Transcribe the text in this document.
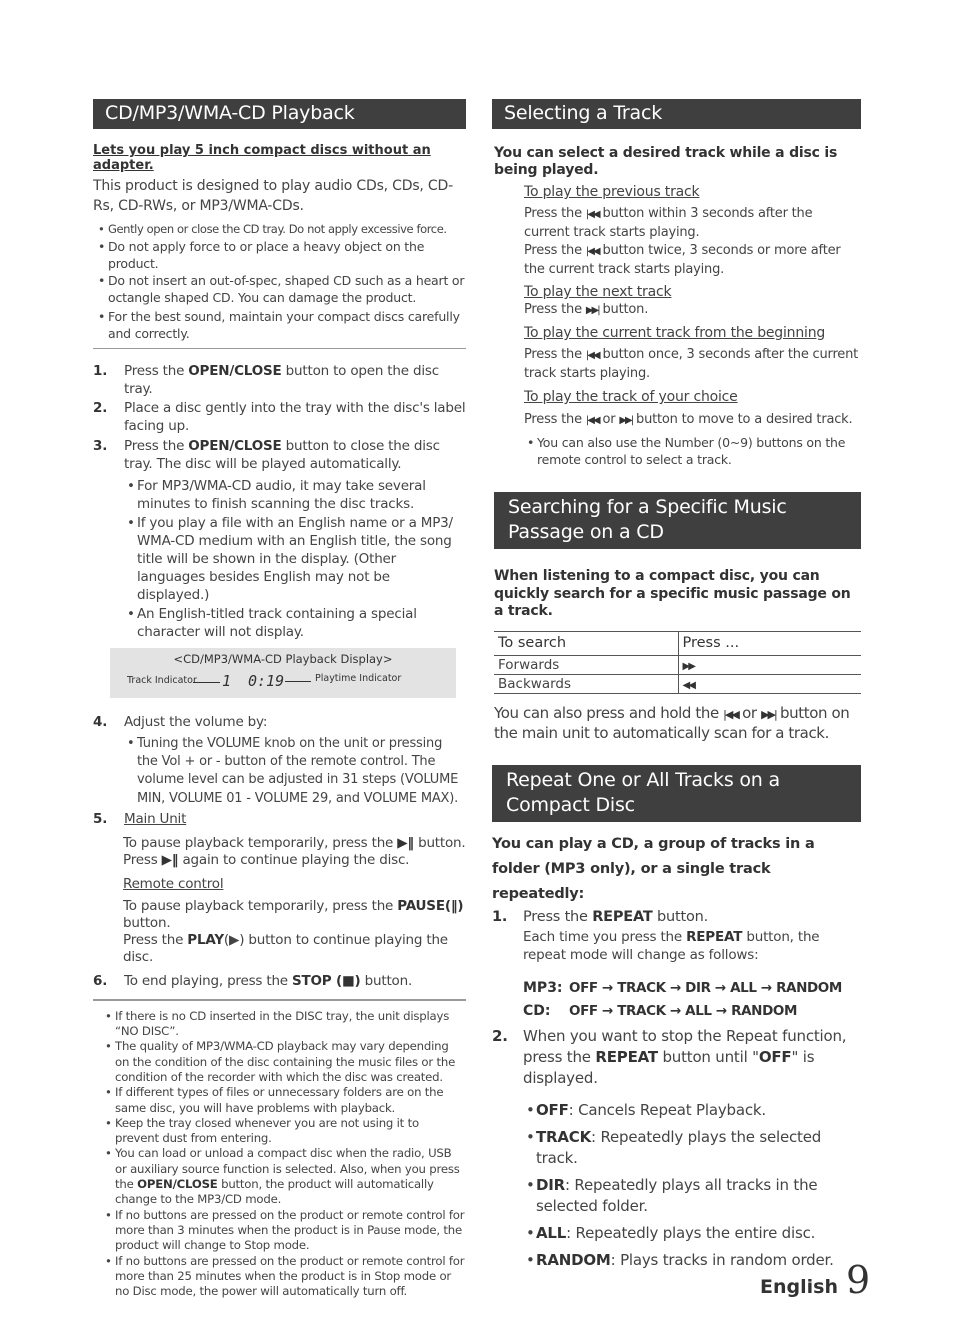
CD/MP3/WMA-CD Playback
Lets you play 5 inch compact discs without an adapter.

This product is designed to play audio CDs, CDs, CD-Rs, CD-RWs, or MP3/WMA-CDs.

• Gently open or close the CD tray. Do not apply excessive force.
• Do not apply force to or place a heavy object on the product.
• Do not insert an out-of-spec, shaped CD such as a heart or octangle shaped CD. You can damage the product.
• For the best sound, maintain your compact discs carefully and correctly.
1. Press the OPEN/CLOSE button to open the disc tray.
2. Place a disc gently into the tray with the disc's label facing up.
3. Press the OPEN/CLOSE button to close the disc tray. The disc will be played automatically.
• For MP3/WMA-CD audio, it may take several minutes to finish scanning the disc tracks.
• If you play a file with an English name or a MP3/ WMA-CD medium with an English title, the song title will be shown in the display. (Other languages besides English may not be displayed.)
• An English-titled track containing a special character will not display.
<CD/MP3/WMA-CD Playback Display>
Track Indicator 1 0:19	Playtime Indicator
4. Adjust the volume by:
• Tuning the VOLUME knob on the unit or pressing the Vol + or - button of the remote control. The volume level can be adjusted in 31 steps (VOLUME MIN, VOLUME 01 - VOLUME 29, and VOLUME MAX).
5. Main Unit
To pause playback temporarily, press the ▶‖ button. Press ▶‖ again to continue playing the disc.
Remote control
To pause playback temporarily, press the PAUSE(‖) button.
Press the PLAY(▶) button to continue playing the disc.
6. To end playing, press the STOP (■) button.
• If there is no CD inserted in the DISC tray, the unit displays “NO DISC”.
• The quality of MP3/WMA-CD playback may vary depending on the condition of the disc containing the music files or the condition of the recorder with which the disc was created.
• If different types of files or unnecessary folders are on the same disc, you will have problems with playback.
• Keep the tray closed whenever you are not using it to prevent dust from entering.
• You can load or unload a compact disc when the radio, USB or auxiliary source function is selected. Also, when you press the OPEN/CLOSE button, the product will automatically change to the MP3/CD mode.
• If no buttons are pressed on the product or remote control for more than 3 minutes when the product is in Pause mode, the product will change to Stop mode.
• If no buttons are pressed on the product or remote control for more than 25 minutes when the product is in Stop mode or no Disc mode, the power will automatically turn off.
Selecting a Track

You can select a desired track while a disc is being played.

To play the previous track

Press the |◀◀ button within 3 seconds after the current track starts playing.

Press the |◀◀ button twice, 3 seconds or more after the current track starts playing.

To play the next track

Press the ▶▶| button.

To play the current track from the beginning

Press the |◀◀ button once, 3 seconds after the current track starts playing.

To play the track of your choice

Press the |◀◀ or ▶▶| button to move to a desired track.

• You can also use the Number (0~9) buttons on the remote control to select a track.
Searching for a Specific Music
Passage on a CD

When listening to a compact disc, you can quickly search for a specific music passage on a track.

To search	Press ...
Forwards	▶▶
Backwards	◀◀

You can also press and hold the |◀◀ or ▶▶| button on the main unit to automatically scan for a track.

Repeat One or All Tracks on a
Compact Disc

You can play a CD, a group of tracks in a folder (MP3 only), or a single track repeatedly:

1. Press the REPEAT button.

Each time you press the REPEAT button, the repeat mode will change as follows:

MP3: OFF → TRACK → DIR → ALL → RANDOM
CD: OFF → TRACK → ALL → RANDOM
2. When you want to stop the Repeat function, press the REPEAT button until "OFF" is displayed.
• OFF: Cancels Repeat Playback.
• TRACK: Repeatedly plays the selected track.
• DIR: Repeatedly plays all tracks in the selected folder.
• ALL: Repeatedly plays the entire disc.
• RANDOM: Plays tracks in random order.
English 9
